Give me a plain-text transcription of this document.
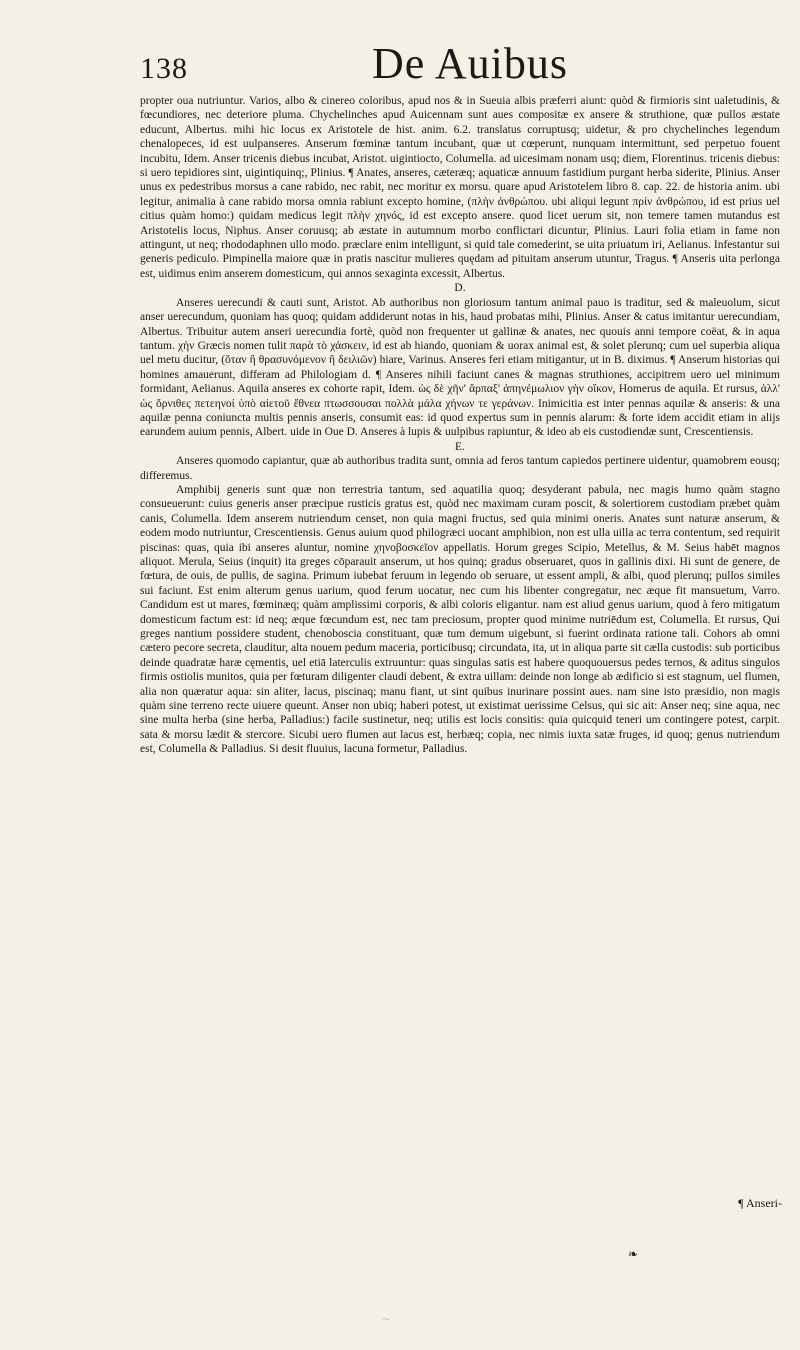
138	De Auibus

propter oua nutriuntur. Varios, albo & cinereo coloribus, apud nos & in Sueuia albis præferri aiunt: quòd & firmioris sint ualetudinis, & fœcundiores, nec deteriore pluma. Chychelinches apud Auicennam sunt aues compositæ ex ansere & struthione, quæ pullos æstate educunt, Albertus. mihi hic locus ex Aristotele de hist. anim. 6.2. translatus corruptusq; uidetur, & pro chychelinches legendum chenalopeces, id est uulpanseres. Anserum fœminæ tantum incubant, quæ ut cœperunt, nunquam intermittunt, sed perpetuo fouent incubitu, Idem. Anser tricenis diebus incubat, Aristot. uigintiocto, Columella. ad uicesimam nonam usq; diem, Florentinus. tricenis diebus: si uero tepidiores sint, uigintiquinq;, Plinius. ¶ Anates, anseres, cæteræq; aquaticæ annuum fastidium purgant herba siderite, Plinius. Anser unus ex pedestribus morsus a cane rabido, nec rabit, nec moritur ex morsu. quare apud Aristotelem libro 8. cap. 22. de historia anim. ubi legitur, animalia à cane rabido morsa omnia rabiunt excepto homine, (πλὴν ἀνθρώπου. ubi aliqui legunt πρίν ἀνθρώπου, id est prius uel citius quàm homo:) quidam medicus legit πλὴν χηνός, id est excepto ansere. quod licet uerum sit, non temere tamen mutandus est Aristotelis locus, Niphus. Anser coruusq; ab æstate in autumnum morbo conflictari dicuntur, Plinius. Lauri folia etiam in fame non attingunt, ut neq; rhododaphnen ullo modo. præclare enim intelligunt, si quid tale comederint, se uita priuatum iri, Aelianus. Infestantur sui generis pediculo. Pimpinella maiore quæ in pratis nascitur mulieres quędam ad pituitam anserum utuntur, Tragus. ¶ Anseris uita perlonga est, uidimus enim anserem domesticum, qui annos sexaginta excessit, Albertus.

D.

Anseres uerecundi & cauti sunt, Aristot. Ab authoribus non gloriosum tantum animal pauo is traditur, sed & maleuolum, sicut anser uerecundum, quoniam has quoq; quidam addiderunt notas in his, haud probatas mihi, Plinius. Anser & catus imitantur uerecundiam, Albertus. Tribuitur autem anseri uerecundia fortè, quòd non frequenter ut gallinæ & anates, nec quouis anni tempore coëat, & in aqua tantum. χὴν Græcis nomen tulit παρὰ τὸ χάσκειν, id est ab hiando, quoniam & uorax animal est, & solet plerunq; cum uel superbia aliqua uel metu ducitur, (ὅταν ἢ θρασυνόμενον ἢ δειλιῶν) hiare, Varinus. Anseres feri etiam mitigantur, ut in B. diximus. ¶ Anserum historias qui homines amauerunt, differam ad Philologiam d. ¶ Anseres nihili faciunt canes & magnas struthiones, accipitrem uero uel minimum formidant, Aelianus. Aquila anseres ex cohorte rapit, Idem. ὡς δὲ χῆν' ἅρπαξ' ἀπηνέμωλιον γὴν οἴκον, Homerus de aquila. Et rursus, ἀλλ' ὡς ὄρνιθες πετεηνοί ὑπὸ αἰετοῦ ἔθνεα πτωσσουσαι πολλὰ μάλα χήνων τε γεράνων. Inimicitia est inter pennas aquilæ & anseris: & una aquilæ penna coniuncta multis pennis anseris, consumit eas: id quod expertus sum in pennis alarum: & forte idem accidit etiam in alijs earundem auium pennis, Albert. uide in Oue D. Anseres à lupis & uulpibus rapiuntur, & ideo ab eis custodiendæ sunt, Crescentiensis.

E.

Anseres quomodo capiantur, quæ ab authoribus tradita sunt, omnia ad feros tantum capiedos pertinere uidentur, quamobrem eousq; differemus.

Amphibij generis sunt quæ non terrestria tantum, sed aquatilia quoq; desyderant pabula, nec magis humo quàm stagno consueuerunt: cuius generis anser præcipue rusticis gratus est, quòd nec maximam curam poscit, & solertiorem custodiam præbet quàm canis, Columella. Idem anserem nutriendum censet, non quia magni fructus, sed quia minimi oneris. Anates sunt naturæ anserum, & eodem modo nutriuntur, Crescentiensis. Genus auium quod philogræci uocant amphibion, non est ulla uilla ac terra contentum, sed requirit piscinas: quas, quia ibi anseres aluntur, nomine χηνοβοσκεῖον appellatis. Horum greges Scipio, Metellus, & M. Seius habēt magnos aliquot. Merula, Seius (inquit) ita greges cōparauit anserum, ut hos quinq; gradus obseruaret, quos in gallinis dixi. Hi sunt de genere, de fœtura, de ouis, de pullis, de sagina. Primum iubebat feruum in legendo ob seruare, ut essent ampli, & albi, quod plerunq; pullos similes sui faciunt. Est enim alterum genus uarium, quod ferum uocatur, nec cum his libenter congregatur, nec æque fit mansuetum, Varro. Candidum est ut mares, fœminæq; quàm amplissimi corporis, & albi coloris eligantur. nam est aliud genus uarium, quod à fero mitigatum domesticum factum est: id neq; æque fœcundum est, nec tam preciosum, propter quod minime nutriēdum est, Columella. Et rursus, Qui greges nantium possidere student, chenobosciа constituant, quæ tum demum uigebunt, si fuerint ordinata ratione tali. Cohors ab omni cætero pecore secreta, clauditur, alta nouem pedum maceria, porticibusq; circundata, ita, ut in aliqua parte sit cælla custodis: sub porticibus deinde quadratæ haræ cęmentis, uel etiā laterculis extruuntur: quas singulas satis est habere quoquouersus pedes ternos, & aditus singulos firmis ostiolis munitos, quia per fœturam diligenter claudi debent, & extra uillam: deinde non longe ab ædificio si est stagnum, uel flumen, alia non quæratur aqua: sin aliter, lacus, piscinaq; manu fiant, ut sint quibus inurinare possint aues. nam sine isto præsidio, non magis quàm sine terreno recte uiuere queunt. Anser non ubiq; haberi potest, ut existimat uerissime Celsus, qui sic ait: Anser neq; sine aqua, nec sine multa herba (sine herba, Palladius:) facile sustinetur, neq; utilis est locis consitis: quia quicquid teneri um contingere potest, carpit. sata & morsu lædit & stercore. Sicubi uero flumen aut lacus est, herbæq; copia, nec nimis iuxta satæ fruges, id quoq; genus nutriendum est, Columella & Palladius. Si desit fluuius, lacuna formetur, Palladius.

¶ Anseri-
❧
~
